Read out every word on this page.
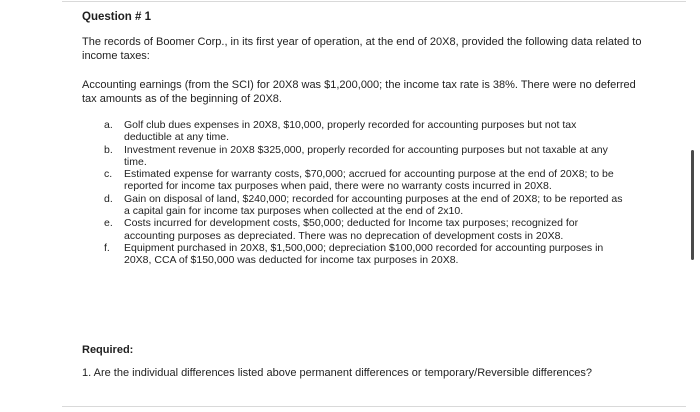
Question # 1
The records of Boomer Corp., in its first year of operation, at the end of 20X8, provided the following data related to income taxes:
Accounting earnings (from the SCI) for 20X8 was $1,200,000; the income tax rate is 38%. There were no deferred tax amounts as of the beginning of 20X8.
a. Golf club dues expenses in 20X8, $10,000, properly recorded for accounting purposes but not tax deductible at any time.
b. Investment revenue in 20X8 $325,000, properly recorded for accounting purposes but not taxable at any time.
c. Estimated expense for warranty costs, $70,000; accrued for accounting purpose at the end of 20X8; to be reported for income tax purposes when paid, there were no warranty costs incurred in 20X8.
d. Gain on disposal of land, $240,000; recorded for accounting purposes at the end of 20X8; to be reported as a capital gain for income tax purposes when collected at the end of 2x10.
e. Costs incurred for development costs, $50,000; deducted for Income tax purposes; recognized for accounting purposes as depreciated. There was no deprecation of development costs in 20X8.
f. Equipment purchased in 20X8, $1,500,000; depreciation $100,000 recorded for accounting purposes in 20X8, CCA of $150,000 was deducted for income tax purposes in 20X8.
Required:
1. Are the individual differences listed above permanent differences or temporary/Reversible differences?
